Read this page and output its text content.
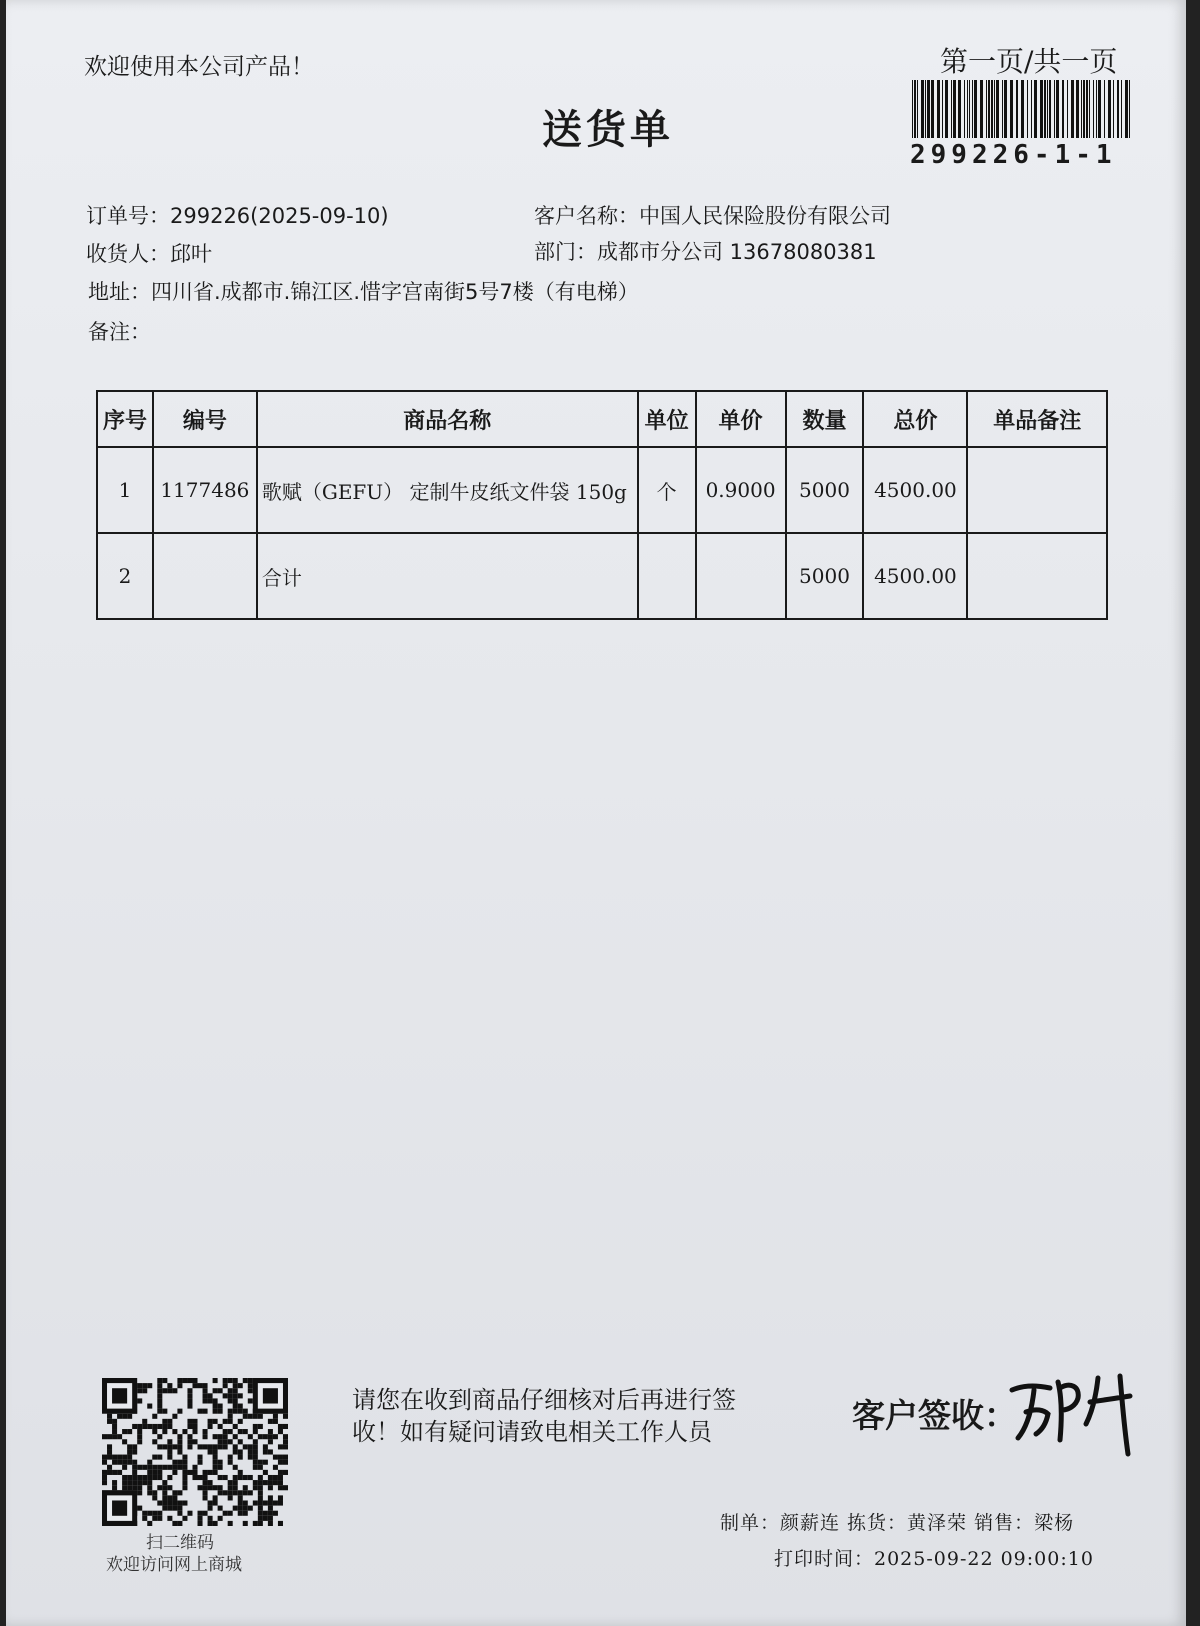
欢迎使用本公司产品！	第一页/共一页
299226-1-1
送货单
订单号：299226(2025-09-10)	客户名称：中国人民保险股份有限公司
收货人：邱叶	部门：成都市分公司 13678080381
地址：四川省.成都市.锦江区.惜字宫南街5号7楼（有电梯）
备注：
序号	编号	商品名称	单位	单价	数量	总价	单品备注
1	1177486	歌赋（GEFU） 定制牛皮纸文件袋 150g	个	0.9000	5000	4500.00	
2		合计			5000	4500.00	
扫二维码
欢迎访问网上商城
请您在收到商品仔细核对后再进行签
收！如有疑问请致电相关工作人员	客户签收：
制单：颜薪连 拣货：黄泽荣 销售：梁杨
打印时间：2025-09-22 09:00:10
